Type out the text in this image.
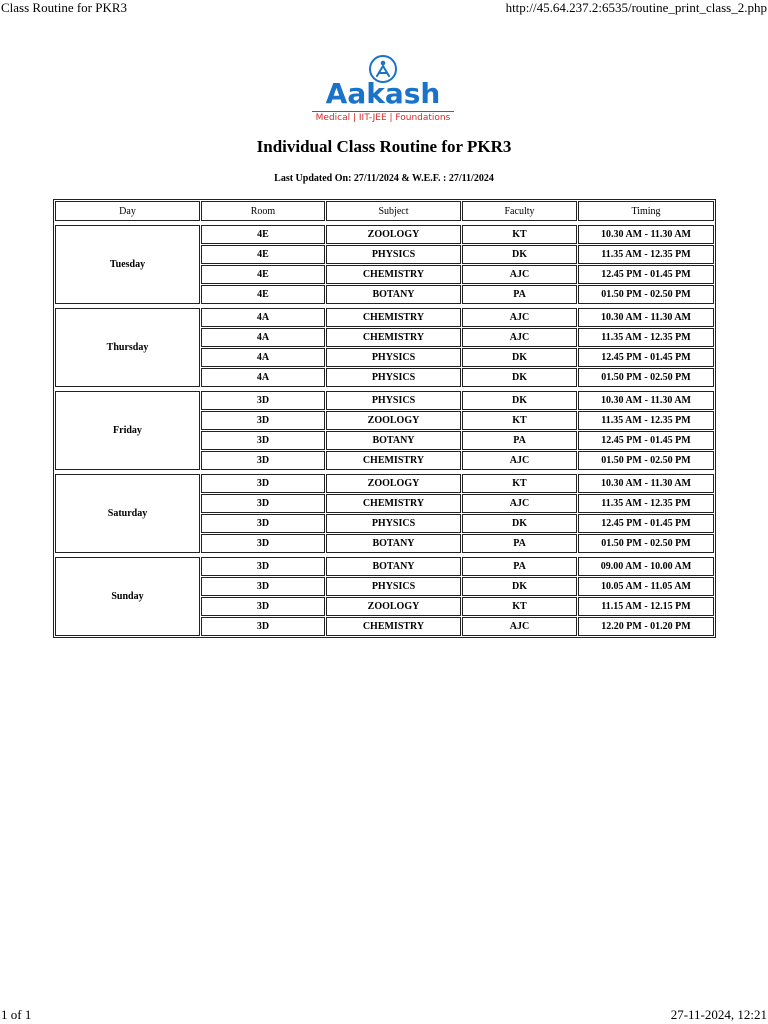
Class Routine for PKR3	http://45.64.237.2:6535/routine_print_class_2.php
Aakash
Medical | IIT-JEE | Foundations
Individual Class Routine for PKR3
Last Updated On: 27/11/2024 & W.E.F. : 27/11/2024
Day	Room	Subject	Faculty	Timing

Tuesday	4E	ZOOLOGY	KT	10.30 AM - 11.30 AM
	4E	PHYSICS	DK	11.35 AM - 12.35 PM
	4E	CHEMISTRY	AJC	12.45 PM - 01.45 PM
	4E	BOTANY	PA	01.50 PM - 02.50 PM

Thursday	4A	CHEMISTRY	AJC	10.30 AM - 11.30 AM
	4A	CHEMISTRY	AJC	11.35 AM - 12.35 PM
	4A	PHYSICS	DK	12.45 PM - 01.45 PM
	4A	PHYSICS	DK	01.50 PM - 02.50 PM

Friday	3D	PHYSICS	DK	10.30 AM - 11.30 AM
	3D	ZOOLOGY	KT	11.35 AM - 12.35 PM
	3D	BOTANY	PA	12.45 PM - 01.45 PM
	3D	CHEMISTRY	AJC	01.50 PM - 02.50 PM

Saturday	3D	ZOOLOGY	KT	10.30 AM - 11.30 AM
	3D	CHEMISTRY	AJC	11.35 AM - 12.35 PM
	3D	PHYSICS	DK	12.45 PM - 01.45 PM
	3D	BOTANY	PA	01.50 PM - 02.50 PM

Sunday	3D	BOTANY	PA	09.00 AM - 10.00 AM
	3D	PHYSICS	DK	10.05 AM - 11.05 AM
	3D	ZOOLOGY	KT	11.15 AM - 12.15 PM
	3D	CHEMISTRY	AJC	12.20 PM - 01.20 PM
1 of 1	27-11-2024, 12:21
